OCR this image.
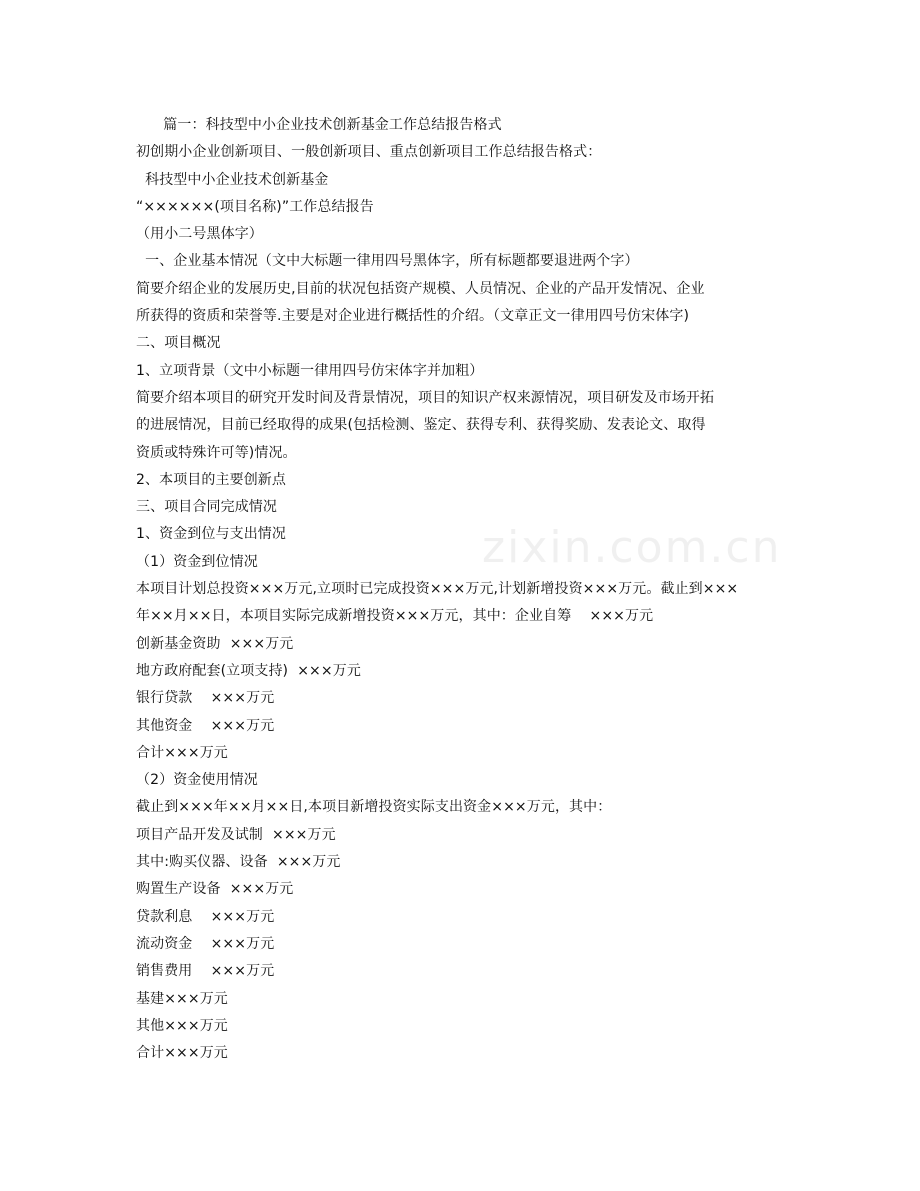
zixin.com.cn
篇一：科技型中小企业技术创新基金工作总结报告格式
初创期小企业创新项目、一般创新项目、重点创新项目工作总结报告格式：
科技型中小企业技术创新基金
“××××××(项目名称)”工作总结报告
（用小二号黑体字）
一、企业基本情况（文中大标题一律用四号黑体字，所有标题都要退进两个字）
简要介绍企业的发展历史,目前的状况包括资产规模、人员情况、企业的产品开发情况、企业
所获得的资质和荣誉等.主要是对企业进行概括性的介绍。（文章正文一律用四号仿宋体字)
二、项目概况
1、立项背景（文中小标题一律用四号仿宋体字并加粗）
简要介绍本项目的研究开发时间及背景情况，项目的知识产权来源情况，项目研发及市场开拓
的进展情况，目前已经取得的成果(包括检测、鉴定、获得专利、获得奖励、发表论文、取得
资质或特殊许可等)情况。
2、本项目的主要创新点
三、项目合同完成情况
1、资金到位与支出情况
（1）资金到位情况
本项目计划总投资×××万元,立项时已完成投资×××万元,计划新增投资×××万元。截止到×××
年××月××日，本项目实际完成新增投资×××万元，其中：企业自筹    ×××万元
创新基金资助  ×××万元
地方政府配套(立项支持)  ×××万元
银行贷款    ×××万元
其他资金    ×××万元
合计×××万元
（2）资金使用情况
截止到×××年××月××日,本项目新增投资实际支出资金×××万元，其中：
项目产品开发及试制  ×××万元
其中:购买仪器、设备  ×××万元
购置生产设备  ×××万元
贷款利息    ×××万元
流动资金    ×××万元
销售费用    ×××万元
基建×××万元
其他×××万元
合计×××万元
